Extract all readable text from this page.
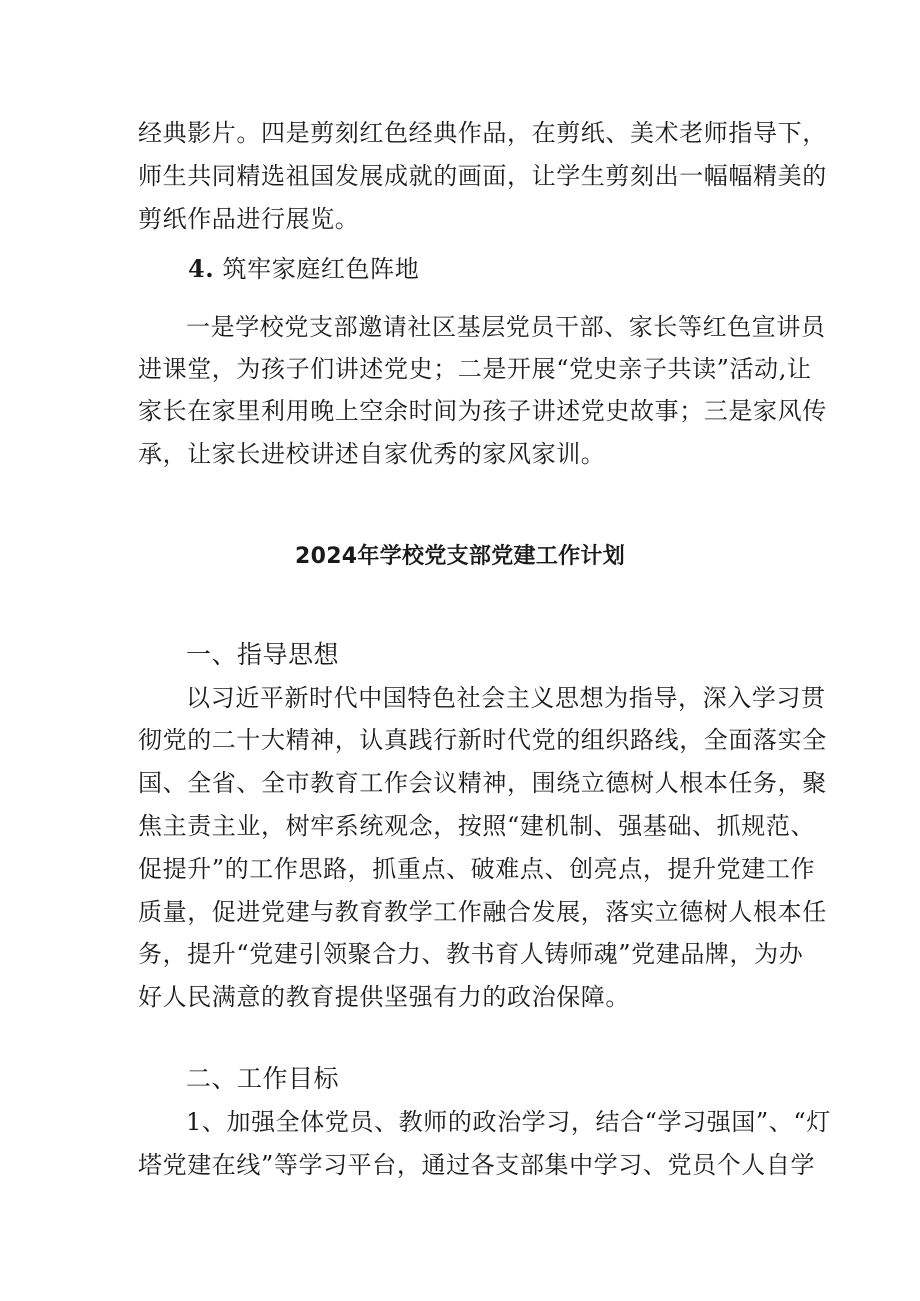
经典影片。四是剪刻红色经典作品，在剪纸、美术老师指导下，
师生共同精选祖国发展成就的画面，让学生剪刻出一幅幅精美的
剪纸作品进行展览。
4. 筑牢家庭红色阵地
一是学校党支部邀请社区基层党员干部、家长等红色宣讲员
进课堂，为孩子们讲述党史；二是开展“党史亲子共读”活动,让
家长在家里利用晚上空余时间为孩子讲述党史故事；三是家风传
承，让家长进校讲述自家优秀的家风家训。
2024年学校党支部党建工作计划
一、指导思想
以习近平新时代中国特色社会主义思想为指导，深入学习贯
彻党的二十大精神，认真践行新时代党的组织路线，全面落实全
国、全省、全市教育工作会议精神，围绕立德树人根本任务，聚
焦主责主业，树牢系统观念，按照“建机制、强基础、抓规范、
促提升”的工作思路，抓重点、破难点、创亮点，提升党建工作
质量，促进党建与教育教学工作融合发展，落实立德树人根本任
务，提升“党建引领聚合力、教书育人铸师魂”党建品牌，为办
好人民满意的教育提供坚强有力的政治保障。
二、工作目标
1、加强全体党员、教师的政治学习，结合“学习强国”、“灯
塔党建在线”等学习平台，通过各支部集中学习、党员个人自学
